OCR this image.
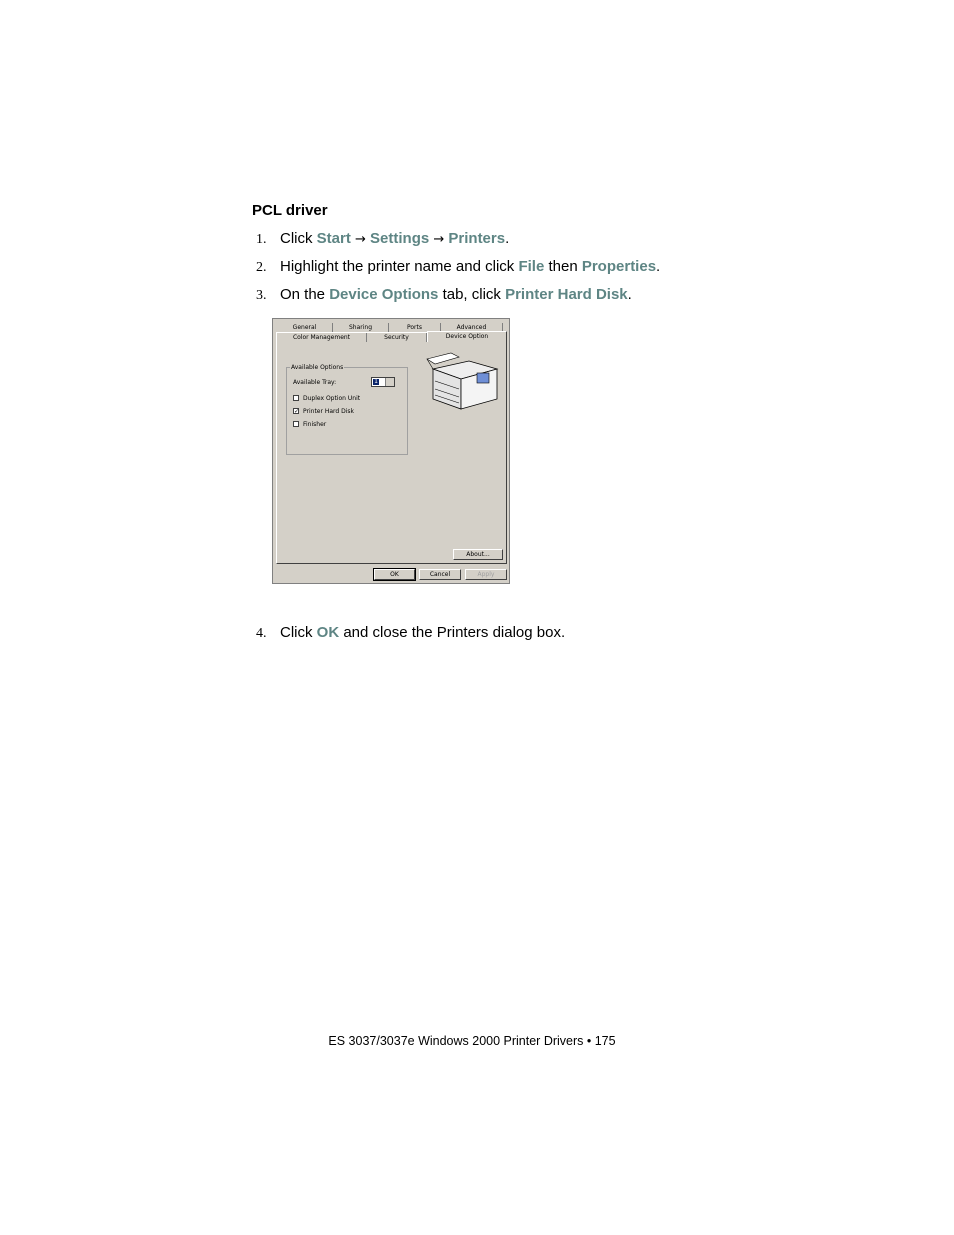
PCL driver
1. Click Start → Settings → Printers.
2. Highlight the printer name and click File then Properties.
3. On the Device Options tab, click Printer Hard Disk.
General	Sharing	Ports	Advanced
Color Management	Security
Available Options
Available Tray:	1
Duplex Option Unit
✓ Printer Hard Disk
Finisher
About...
Device Option
OK	Cancel	Apply
4. Click OK and close the Printers dialog box.
ES 3037/3037e Windows 2000 Printer Drivers • 175
